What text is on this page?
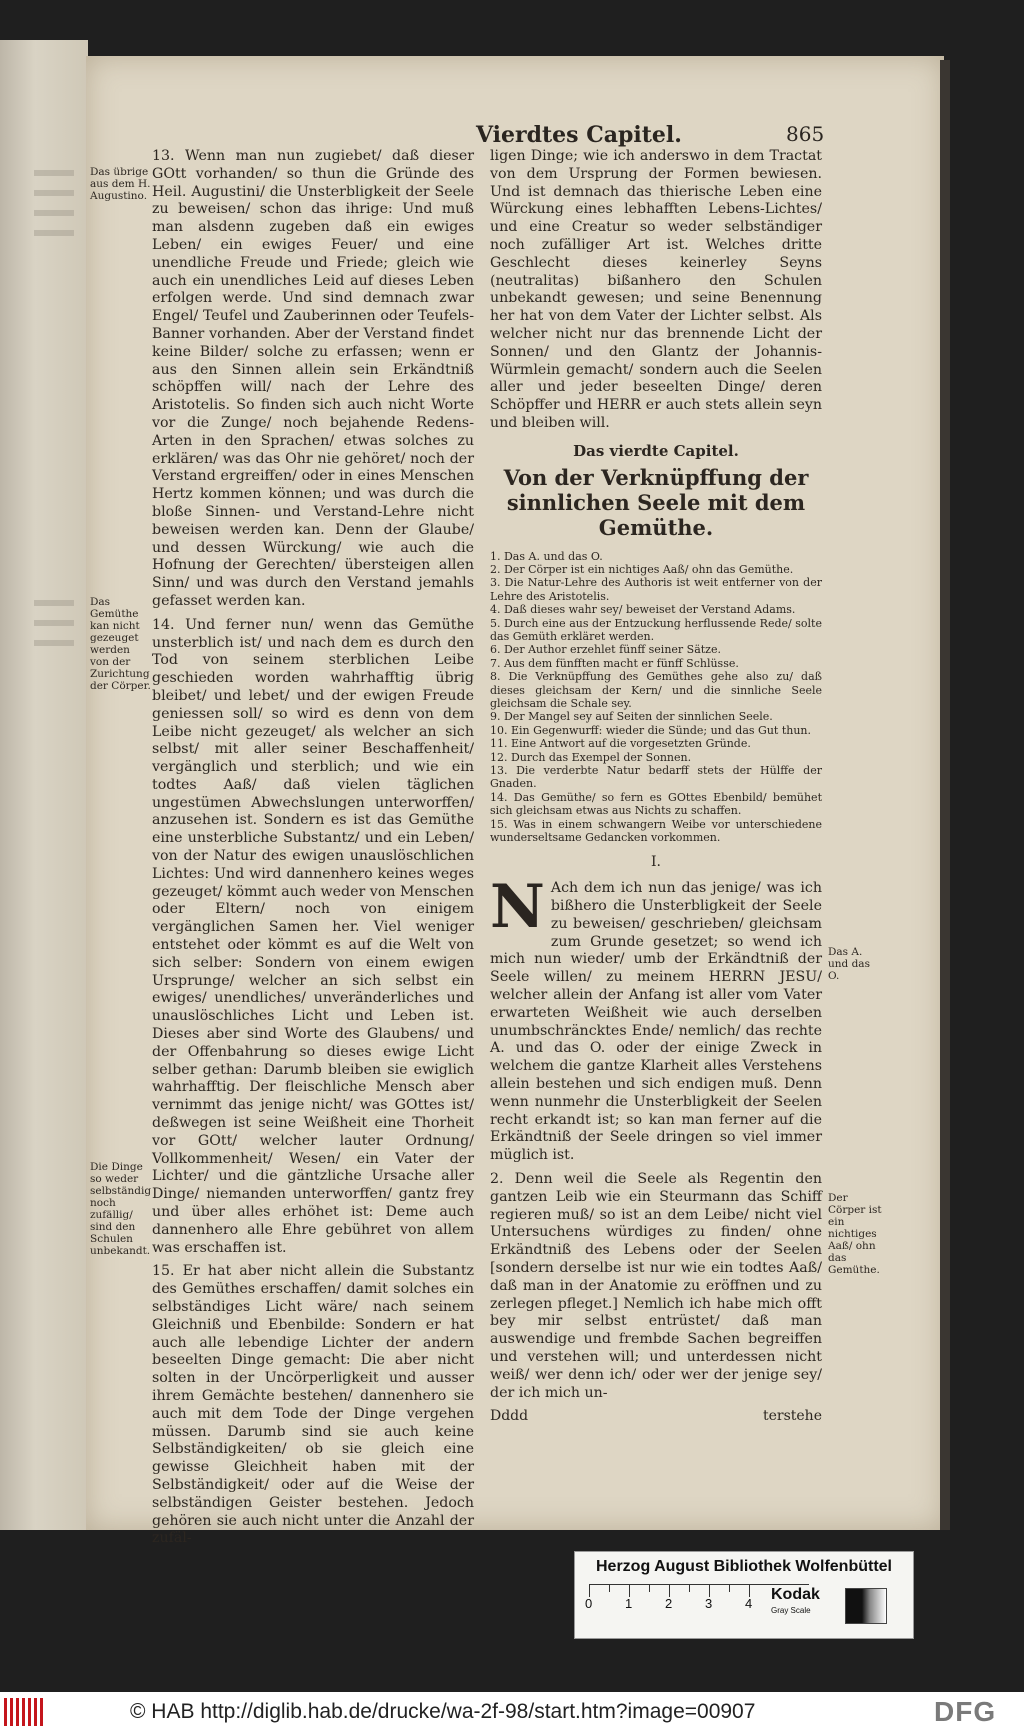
Vierdtes Capitel.	865
Das übrige aus dem H. Augustino.
Das Gemüthe kan nicht gezeuget werden von der Zurichtung der Cörper.
Die Dinge so weder selbständig noch zufällig/ sind den Schulen unbekandt.

13. Wenn man nun zugiebet/ daß dieser GOtt vorhanden/ so thun die Gründe des Heil. Augustini/ die Unsterbligkeit der Seele zu beweisen/ schon das ihrige: Und muß man alsdenn zugeben daß ein ewiges Leben/ ein ewiges Feuer/ und eine unendliche Freude und Friede; gleich wie auch ein unendliches Leid auf dieses Leben erfolgen werde. Und sind demnach zwar Engel/ Teufel und Zauberinnen oder Teufels-Banner vorhanden. Aber der Verstand findet keine Bilder/ solche zu erfassen; wenn er aus den Sinnen allein sein Erkändtniß schöpffen will/ nach der Lehre des Aristotelis. So finden sich auch nicht Worte vor die Zunge/ noch bejahende Redens-Arten in den Sprachen/ etwas solches zu erklären/ was das Ohr nie gehöret/ noch der Verstand ergreiffen/ oder in eines Menschen Hertz kommen können; und was durch die bloße Sinnen- und Verstand-Lehre nicht beweisen werden kan. Denn der Glaube/ und dessen Würckung/ wie auch die Hofnung der Gerechten/ übersteigen allen Sinn/ und was durch den Verstand jemahls gefasset werden kan.

14. Und ferner nun/ wenn das Gemüthe unsterblich ist/ und nach dem es durch den Tod von seinem sterblichen Leibe geschieden worden wahrhafftig übrig bleibet/ und lebet/ und der ewigen Freude geniessen soll/ so wird es denn von dem Leibe nicht gezeuget/ als welcher an sich selbst/ mit aller seiner Beschaffenheit/ vergänglich und sterblich; und wie ein todtes Aaß/ daß vielen täglichen ungestümen Abwechslungen unterworffen/ anzusehen ist. Sondern es ist das Gemüthe eine unsterbliche Substantz/ und ein Leben/ von der Natur des ewigen unauslöschlichen Lichtes: Und wird dannenhero keines weges gezeuget/ kömmt auch weder von Menschen oder Eltern/ noch von einigem vergänglichen Samen her. Viel weniger entstehet oder kömmt es auf die Welt von sich selber: Sondern von einem ewigen Ursprunge/ welcher an sich selbst ein ewiges/ unendliches/ unveränderliches und unauslöschliches Licht und Leben ist. Dieses aber sind Worte des Glaubens/ und der Offenbahrung so dieses ewige Licht selber gethan: Darumb bleiben sie ewiglich wahrhafftig. Der fleischliche Mensch aber vernimmt das jenige nicht/ was GOttes ist/ deßwegen ist seine Weißheit eine Thorheit vor GOtt/ welcher lauter Ordnung/ Vollkommenheit/ Wesen/ ein Vater der Lichter/ und die gäntzliche Ursache aller Dinge/ niemanden unterworffen/ gantz frey und über alles erhöhet ist: Deme auch dannenhero alle Ehre gebühret von allem was erschaffen ist.

15. Er hat aber nicht allein die Substantz des Gemüthes erschaffen/ damit solches ein selbständiges Licht wäre/ nach seinem Gleichniß und Ebenbilde: Sondern er hat auch alle lebendige Lichter der andern beseelten Dinge gemacht: Die aber nicht solten in der Uncörperligkeit und ausser ihrem Gemächte bestehen/ dannenhero sie auch mit dem Tode der Dinge vergehen müssen. Darumb sind sie auch keine Selbständigkeiten/ ob sie gleich eine gewisse Gleichheit haben mit der Selbständigkeit/ oder auf die Weise der selbständigen Geister bestehen. Jedoch gehören sie auch nicht unter die Anzahl der zufäl-

ligen Dinge; wie ich anderswo in dem Tractat von dem Ursprung der Formen bewiesen. Und ist demnach das thierische Leben eine Würckung eines lebhafften Lebens-Lichtes/ und eine Creatur so weder selbständiger noch zufälliger Art ist. Welches dritte Geschlecht dieses keinerley Seyns (neutralitas) bißanhero den Schulen unbekandt gewesen; und seine Benennung her hat von dem Vater der Lichter selbst. Als welcher nicht nur das brennende Licht der Sonnen/ und den Glantz der Johannis-Würmlein gemacht/ sondern auch die Seelen aller und jeder beseelten Dinge/ deren Schöpffer und HERR er auch stets allein seyn und bleiben will.

Das vierdte Capitel.
Von der Verknüpffung der sinnlichen Seele mit dem Gemüthe.
1. Das A. und das O.
2. Der Cörper ist ein nichtiges Aaß/ ohn das Gemüthe.
3. Die Natur-Lehre des Authoris ist weit entferner von der Lehre des Aristotelis.
4. Daß dieses wahr sey/ beweiset der Verstand Adams.
5. Durch eine aus der Entzuckung herflussende Rede/ solte das Gemüth erkläret werden.
6. Der Author erzehlet fünff seiner Sätze.
7. Aus dem fünfften macht er fünff Schlüsse.
8. Die Verknüpffung des Gemüthes gehe also zu/ daß dieses gleichsam der Kern/ und die sinnliche Seele gleichsam die Schale sey.
9. Der Mangel sey auf Seiten der sinnlichen Seele.
10. Ein Gegenwurff: wieder die Sünde; und das Gut thun.
11. Eine Antwort auf die vorgesetzten Gründe.
12. Durch das Exempel der Sonnen.
13. Die verderbte Natur bedarff stets der Hülffe der Gnaden.
14. Das Gemüthe/ so fern es GOttes Ebenbild/ bemühet sich gleichsam etwas aus Nichts zu schaffen.
15. Was in einem schwangern Weibe vor unterschiedene wunderseltsame Gedancken vorkommen.
I.

N Ach dem ich nun das jenige/ was ich bißhero die Unsterbligkeit der Seele zu beweisen/ geschrieben/ gleichsam zum Grunde gesetzet; so wend ich mich nun wieder/ umb der Erkändtniß der Seele willen/ zu meinem HERRN JESU/ welcher allein der Anfang ist aller vom Vater erwarteten Weißheit wie auch derselben unumbschräncktes Ende/ nemlich/ das rechte A. und das O. oder der einige Zweck in welchem die gantze Klarheit alles Verstehens allein bestehen und sich endigen muß. Denn wenn nunmehr die Unsterbligkeit der Seelen recht erkandt ist; so kan man ferner auf die Erkändtniß der Seele dringen so viel immer müglich ist.

2. Denn weil die Seele als Regentin den gantzen Leib wie ein Steurmann das Schiff regieren muß/ so ist an dem Leibe/ nicht viel Untersuchens würdiges zu finden/ ohne Erkändtniß des Lebens oder der Seelen [sondern derselbe ist nur wie ein todtes Aaß/ daß man in der Anatomie zu eröffnen und zu zerlegen pfleget.] Nemlich ich habe mich offt bey mir selbst entrüstet/ daß man auswendige und frembde Sachen begreiffen und verstehen will; und unterdessen nicht weiß/ wer denn ich/ oder wer der jenige sey/ der ich mich un-

Dddd	terstehe
Das A. und das O.
Der Cörper ist ein nichtiges Aaß/ ohn das Gemüthe.
Herzog August Bibliothek Wolfenbüttel
0	1	2	3	4
Kodak
Gray Scale
© HAB http://diglib.hab.de/drucke/wa-2f-98/start.htm?image=00907	DFG
